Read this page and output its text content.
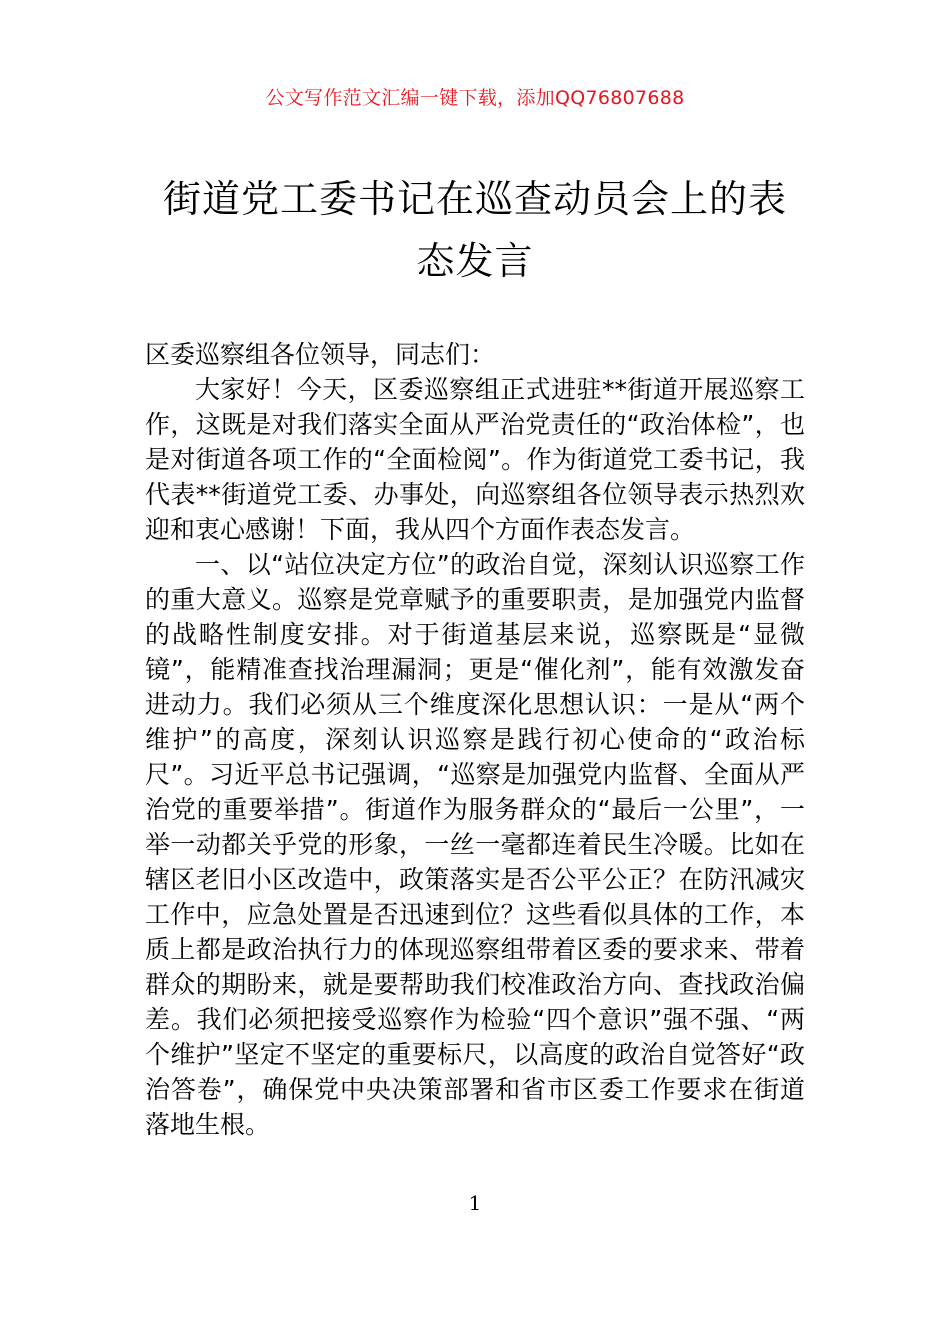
公文写作范文汇编一键下载，添加QQ76807688
街道党工委书记在巡查动员会上的表态发言

区委巡察组各位领导，同志们：

大家好！今天，区委巡察组正式进驻**街道开展巡察工作，这既是对我们落实全面从严治党责任的“政治体检”，也是对街道各项工作的“全面检阅”。作为街道党工委书记，我代表**街道党工委、办事处，向巡察组各位领导表示热烈欢迎和衷心感谢！下面，我从四个方面作表态发言。

一、以“站位决定方位”的政治自觉，深刻认识巡察工作的重大意义。巡察是党章赋予的重要职责，是加强党内监督的战略性制度安排。对于街道基层来说，巡察既是“显微镜”，能精准查找治理漏洞；更是“催化剂”，能有效激发奋进动力。我们必须从三个维度深化思想认识：一是从“两个维护”的高度，深刻认识巡察是践行初心使命的“政治标尺”。习近平总书记强调，“巡察是加强党内监督、全面从严治党的重要举措”。街道作为服务群众的“最后一公里”，一举一动都关乎党的形象，一丝一毫都连着民生冷暖。比如在辖区老旧小区改造中，政策落实是否公平公正？在防汛减灾工作中，应急处置是否迅速到位？这些看似具体的工作，本质上都是政治执行力的体现巡察组带着区委的要求来、带着群众的期盼来，就是要帮助我们校准政治方向、查找政治偏差。我们必须把接受巡察作为检验“四个意识”强不强、“两个维护”坚定不坚定的重要标尺，以高度的政治自觉答好“政治答卷”，确保党中央决策部署和省市区委工作要求在街道落地生根。

1
